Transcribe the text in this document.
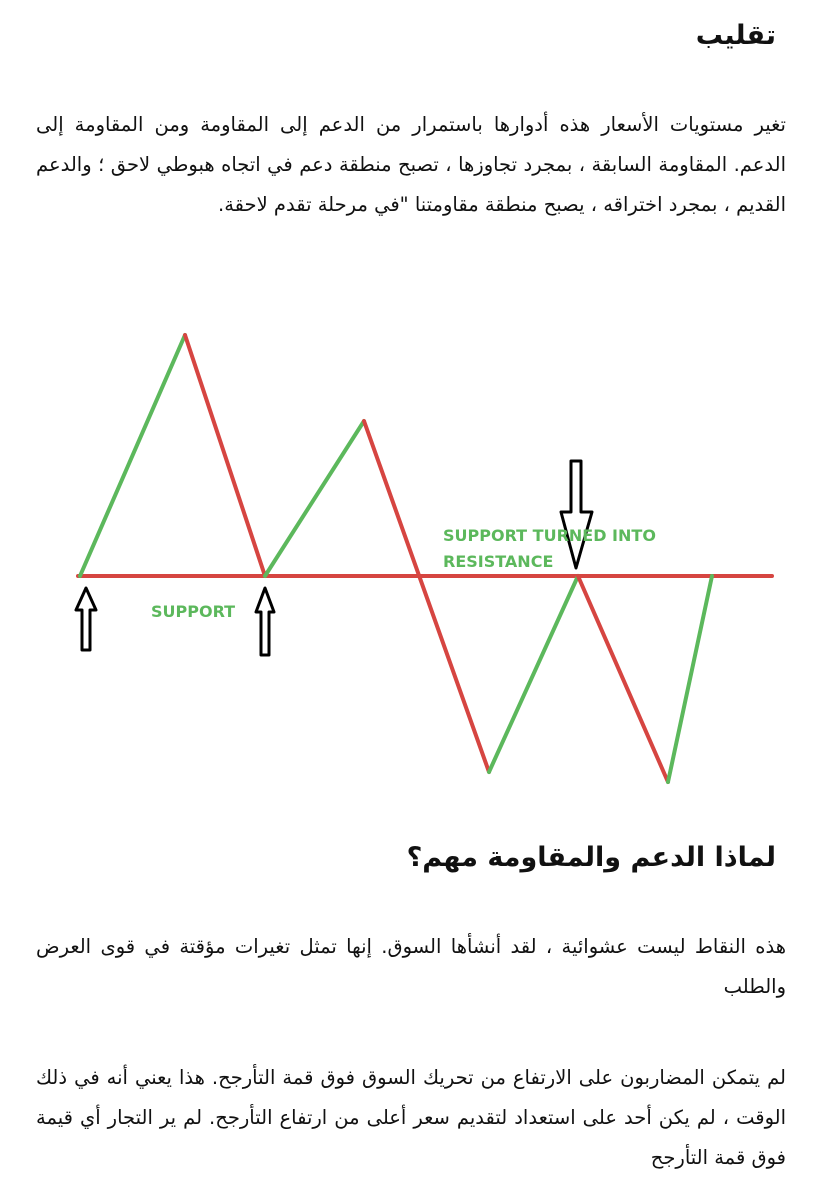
تقليب

تغير مستويات الأسعار هذه أدوارها باستمرار من الدعم إلى المقاومة ومن المقاومة إلى الدعم. المقاومة السابقة ، بمجرد تجاوزها ، تصبح منطقة دعم في اتجاه هبوطي لاحق ؛ والدعم القديم ، بمجرد اختراقه ، يصبح منطقة مقاومتنا "في مرحلة تقدم لاحقة.

SUPPORT
SUPPORT TURNED INTO
RESISTANCE
لماذا الدعم والمقاومة مهم؟

هذه النقاط ليست عشوائية ، لقد أنشأها السوق. إنها تمثل تغيرات مؤقتة في قوى العرض والطلب

لم يتمكن المضاربون على الارتفاع من تحريك السوق فوق قمة التأرجح. هذا يعني أنه في ذلك الوقت ، لم يكن أحد على استعداد لتقديم سعر أعلى من ارتفاع التأرجح. لم ير التجار أي قيمة فوق قمة التأرجح
